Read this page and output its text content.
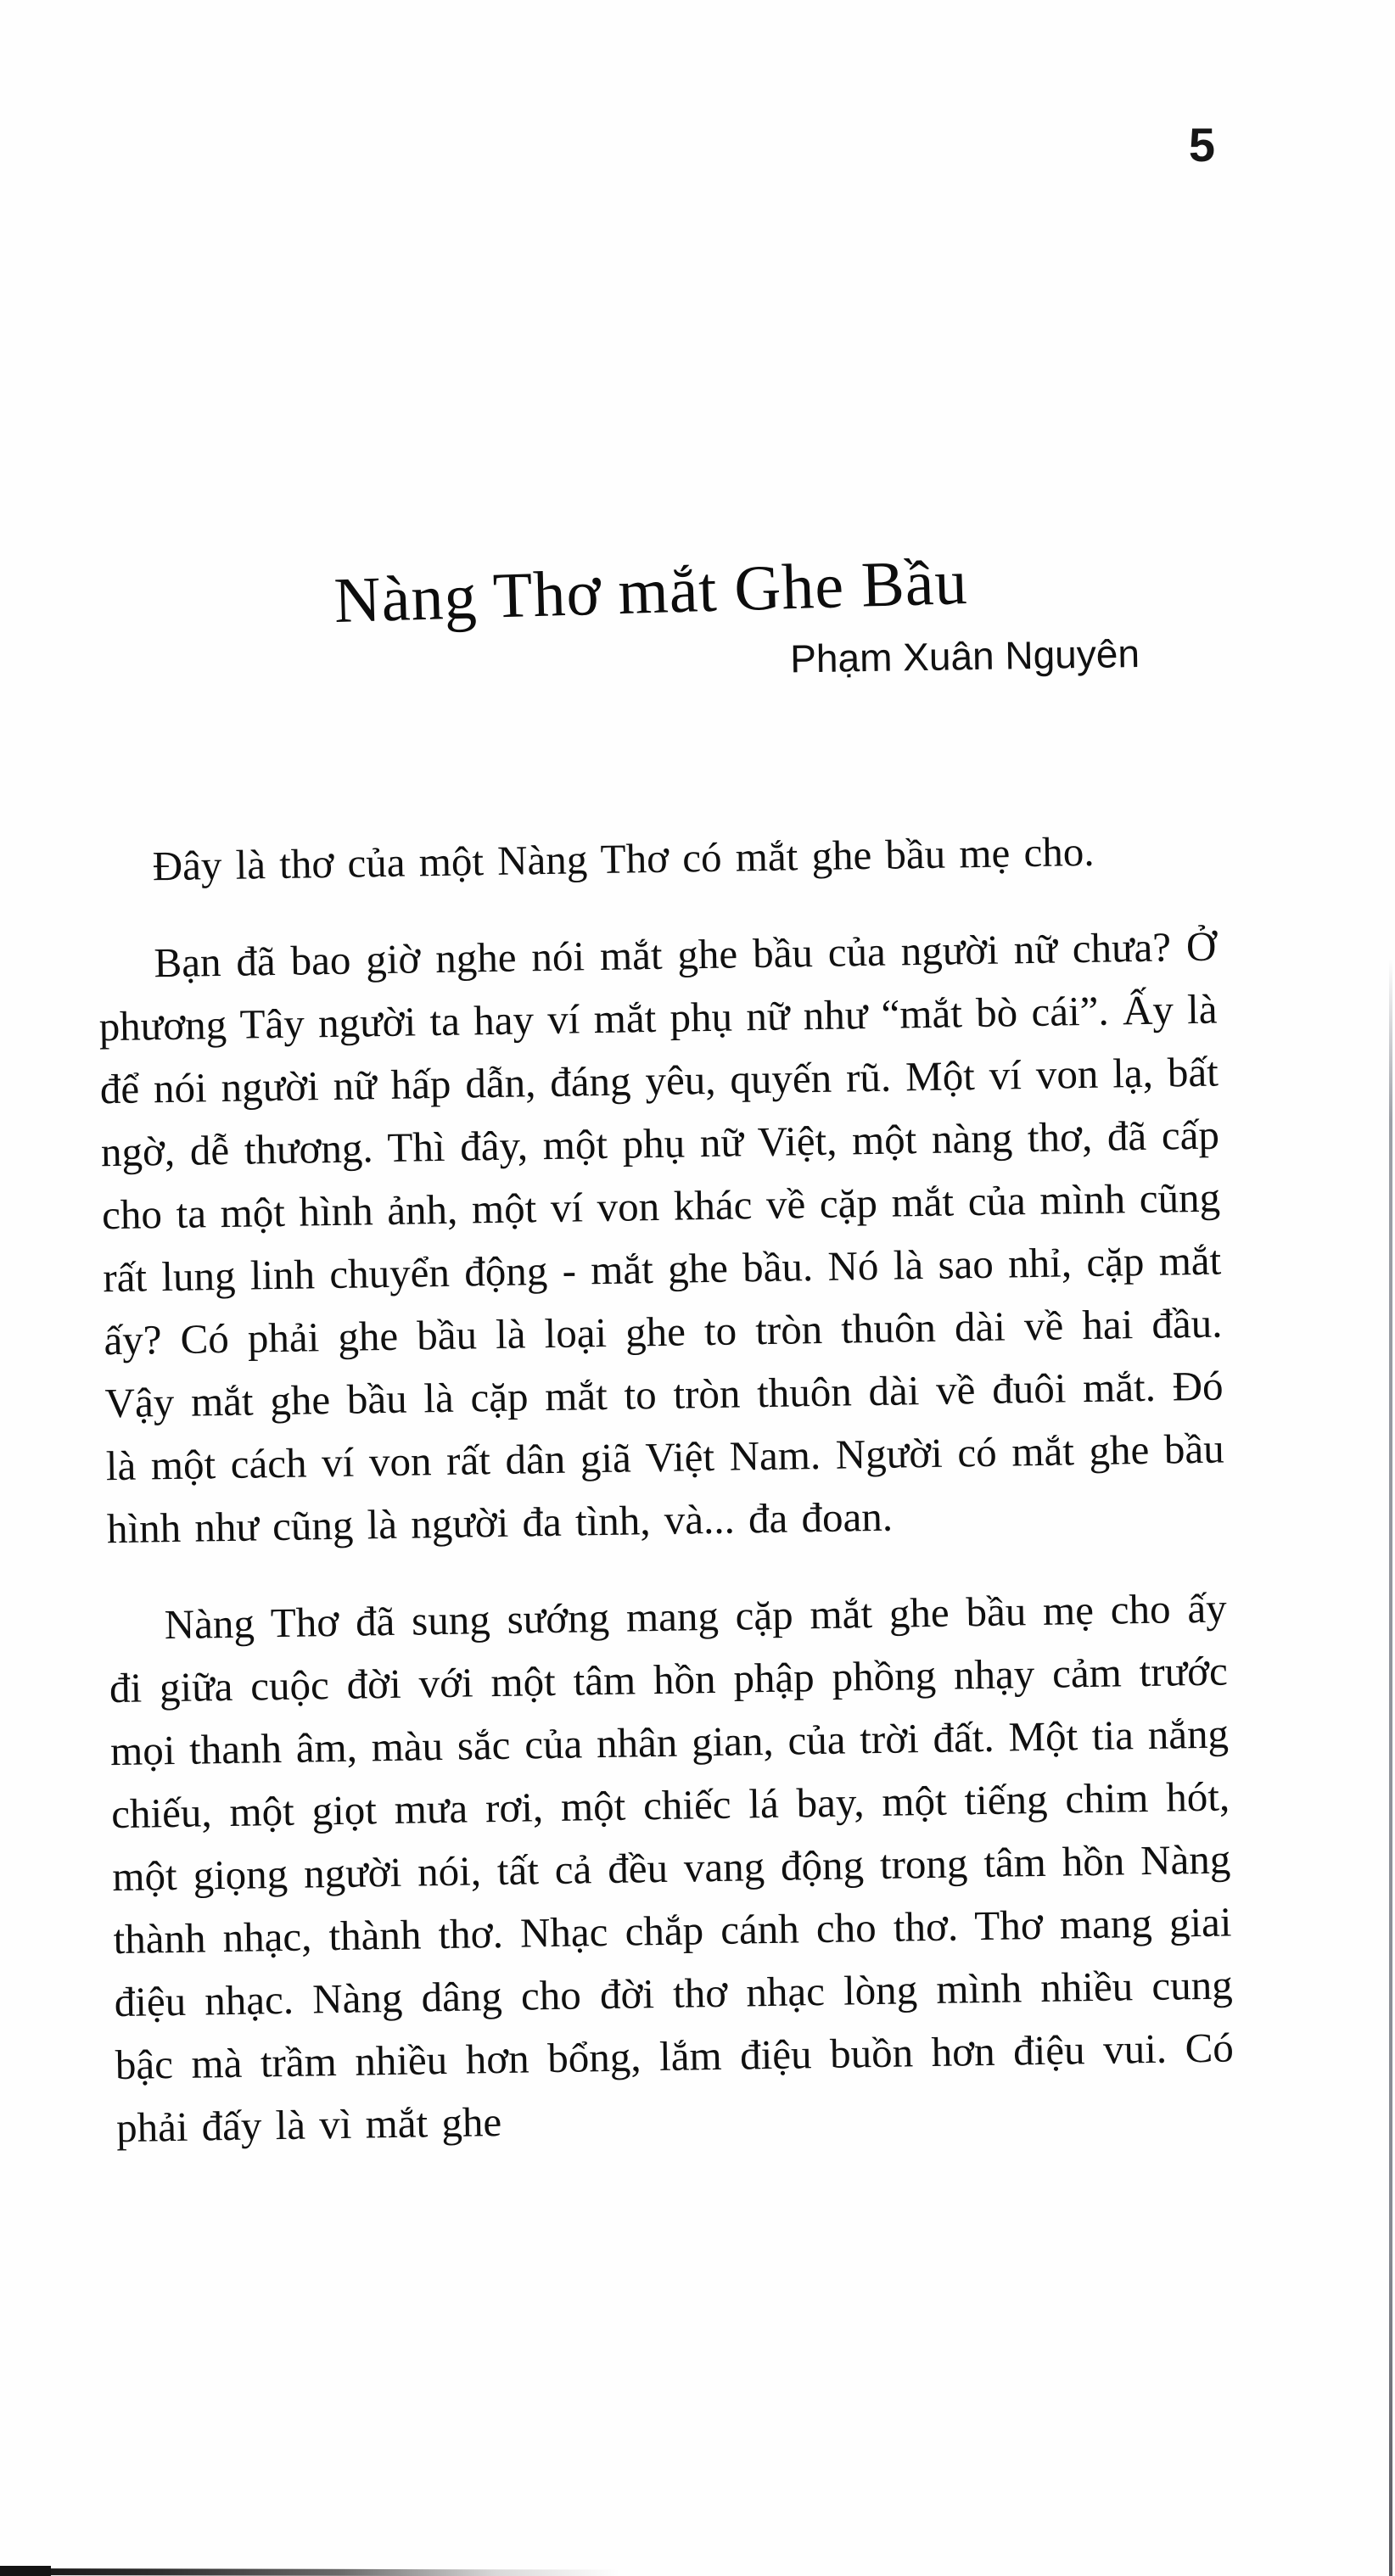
5
Nàng Thơ mắt Ghe Bầu
Phạm Xuân Nguyên

Đây là thơ của một Nàng Thơ có mắt ghe bầu mẹ cho.

Bạn đã bao giờ nghe nói mắt ghe bầu của người nữ chưa? Ở phương Tây người ta hay ví mắt phụ nữ như “mắt bò cái”. Ấy là để nói người nữ hấp dẫn, đáng yêu, quyến rũ. Một ví von lạ, bất ngờ, dễ thương. Thì đây, một phụ nữ Việt, một nàng thơ, đã cấp cho ta một hình ảnh, một ví von khác về cặp mắt của mình cũng rất lung linh chuyển động - mắt ghe bầu. Nó là sao nhỉ, cặp mắt ấy? Có phải ghe bầu là loại ghe to tròn thuôn dài về hai đầu. Vậy mắt ghe bầu là cặp mắt to tròn thuôn dài về đuôi mắt. Đó là một cách ví von rất dân giã Việt Nam. Người có mắt ghe bầu hình như cũng là người đa tình, và... đa đoan.

Nàng Thơ đã sung sướng mang cặp mắt ghe bầu mẹ cho ấy đi giữa cuộc đời với một tâm hồn phập phồng nhạy cảm trước mọi thanh âm, màu sắc của nhân gian, của trời đất. Một tia nắng chiếu, một giọt mưa rơi, một chiếc lá bay, một tiếng chim hót, một giọng người nói, tất cả đều vang động trong tâm hồn Nàng thành nhạc, thành thơ. Nhạc chắp cánh cho thơ. Thơ mang giai điệu nhạc. Nàng dâng cho đời thơ nhạc lòng mình nhiều cung bậc mà trầm nhiều hơn bổng, lắm điệu buồn hơn điệu vui. Có phải đấy là vì mắt ghe
